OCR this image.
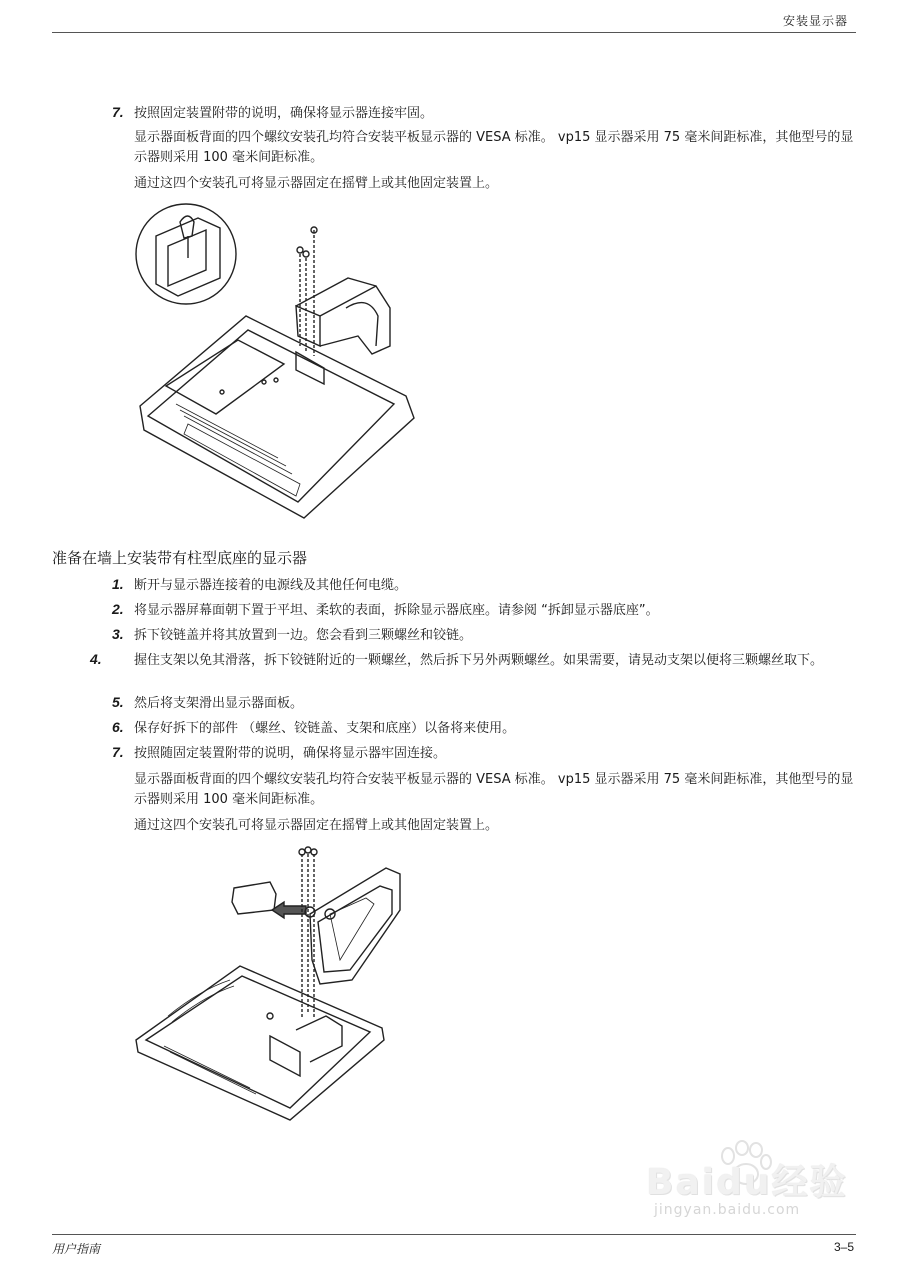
安装显示器
7. 按照固定装置附带的说明，确保将显示器连接牢固。
显示器面板背面的四个螺纹安装孔均符合安装平板显示器的 VESA 标准。 vp15 显示器采用 75 毫米间距标准，其他型号的显示器则采用 100 毫米间距标准。
通过这四个安装孔可将显示器固定在摇臂上或其他固定装置上。
准备在墙上安装带有柱型底座的显示器
1. 断开与显示器连接着的电源线及其他任何电缆。
2. 将显示器屏幕面朝下置于平坦、柔软的表面，拆除显示器底座。请参阅 “拆卸显示器底座”。
3. 拆下铰链盖并将其放置到一边。您会看到三颗螺丝和铰链。
4. 握住支架以免其滑落，拆下铰链附近的一颗螺丝，然后拆下另外两颗螺丝。如果需要，请晃动支架以便将三颗螺丝取下。
5. 然后将支架滑出显示器面板。
6. 保存好拆下的部件 （螺丝、铰链盖、支架和底座）以备将来使用。
7. 按照随固定装置附带的说明，确保将显示器牢固连接。
显示器面板背面的四个螺纹安装孔均符合安装平板显示器的 VESA 标准。 vp15 显示器采用 75 毫米间距标准，其他型号的显示器则采用 100 毫米间距标准。
通过这四个安装孔可将显示器固定在摇臂上或其他固定装置上。
Baidu经验
jingyan.baidu.com
用户指南	3–5
